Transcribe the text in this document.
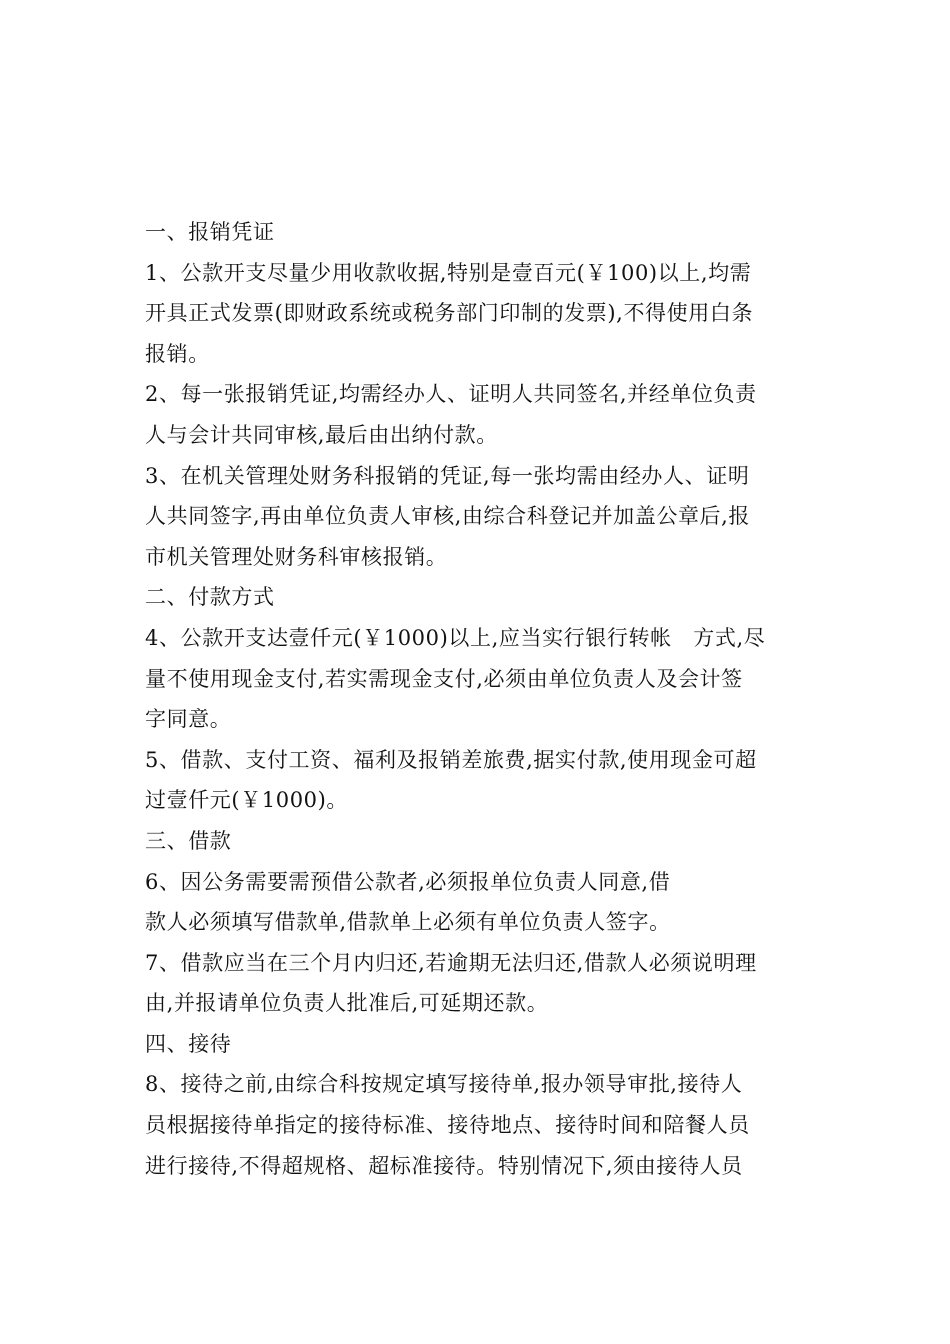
一、报销凭证
1、公款开支尽量少用收款收据,特别是壹百元(￥100)以上,均需
开具正式发票(即财政系统或税务部门印制的发票),不得使用白条
报销。
2、每一张报销凭证,均需经办人、证明人共同签名,并经单位负责
人与会计共同审核,最后由出纳付款。
3、在机关管理处财务科报销的凭证,每一张均需由经办人、证明
人共同签字,再由单位负责人审核,由综合科登记并加盖公章后,报
市机关管理处财务科审核报销。
二、付款方式
4、公款开支达壹仟元(￥1000)以上,应当实行银行转帐　方式,尽
量不使用现金支付,若实需现金支付,必须由单位负责人及会计签
字同意。
5、借款、支付工资、福利及报销差旅费,据实付款,使用现金可超
过壹仟元(￥1000)。
三、借款
6、因公务需要需预借公款者,必须报单位负责人同意,借
款人必须填写借款单,借款单上必须有单位负责人签字。
7、借款应当在三个月内归还,若逾期无法归还,借款人必须说明理
由,并报请单位负责人批准后,可延期还款。
四、接待
8、接待之前,由综合科按规定填写接待单,报办领导审批,接待人
员根据接待单指定的接待标准、接待地点、接待时间和陪餐人员
进行接待,不得超规格、超标准接待。特别情况下,须由接待人员
